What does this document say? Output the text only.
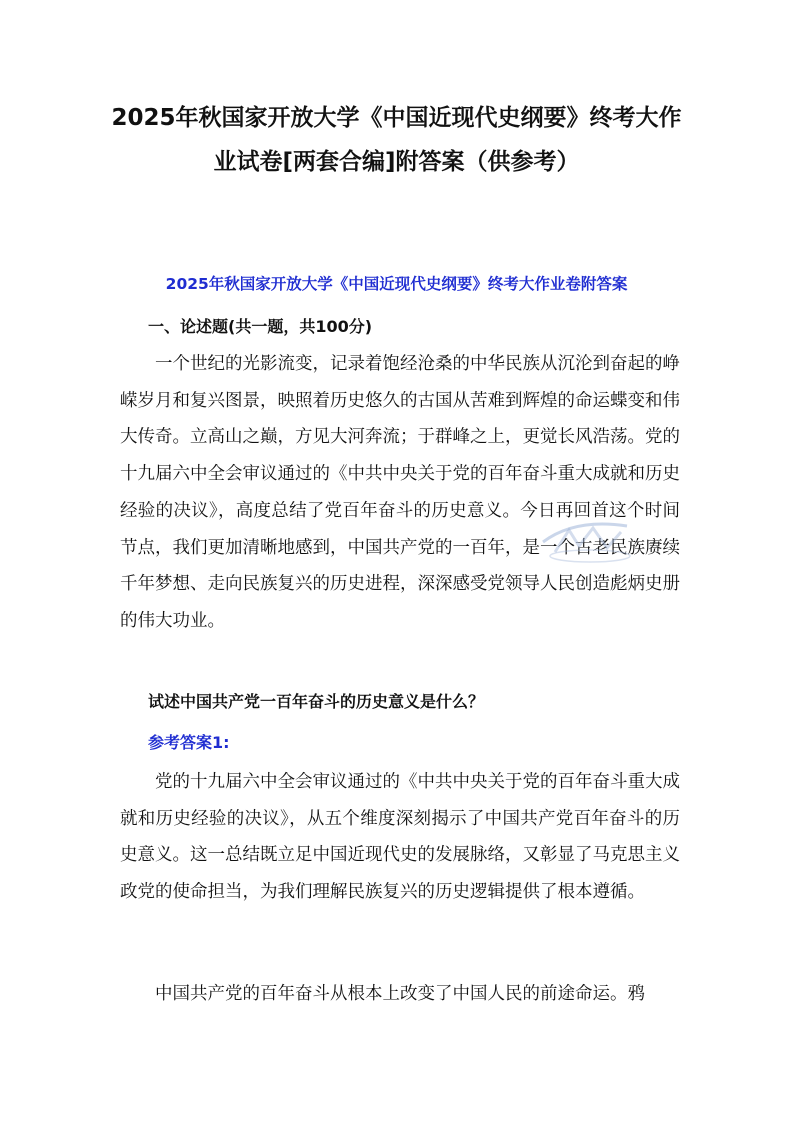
2025年秋国家开放大学《中国近现代史纲要》终考大作业试卷[两套合编]附答案（供参考）
2025年秋国家开放大学《中国近现代史纲要》终考大作业卷附答案
一、论述题(共一题，共100分)

一个世纪的光影流变，记录着饱经沧桑的中华民族从沉沦到奋起的峥嵘岁月和复兴图景，映照着历史悠久的古国从苦难到辉煌的命运蝶变和伟大传奇。立高山之巅，方见大河奔流；于群峰之上，更觉长风浩荡。党的十九届六中全会审议通过的《中共中央关于党的百年奋斗重大成就和历史经验的决议》，高度总结了党百年奋斗的历史意义。今日再回首这个时间节点，我们更加清晰地感到，中国共产党的一百年，是一个古老民族赓续千年梦想、走向民族复兴的历史进程，深深感受党领导人民创造彪炳史册的伟大功业。

试述中国共产党一百年奋斗的历史意义是什么？
参考答案1:

党的十九届六中全会审议通过的《中共中央关于党的百年奋斗重大成就和历史经验的决议》，从五个维度深刻揭示了中国共产党百年奋斗的历史意义。这一总结既立足中国近现代史的发展脉络，又彰显了马克思主义政党的使命担当，为我们理解民族复兴的历史逻辑提供了根本遵循。

中国共产党的百年奋斗从根本上改变了中国人民的前途命运。鸦
